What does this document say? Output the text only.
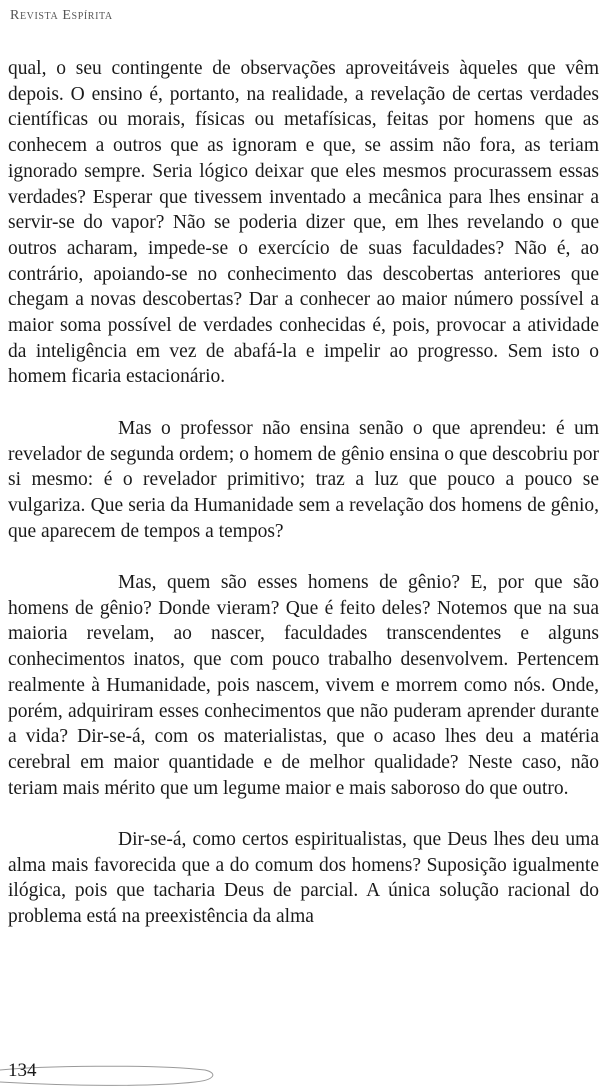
Revista Espírita

qual, o seu contingente de observações aproveitáveis àqueles que vêm depois. O ensino é, portanto, na realidade, a revelação de certas verdades científicas ou morais, físicas ou metafísicas, feitas por homens que as conhecem a outros que as ignoram e que, se assim não fora, as teriam ignorado sempre. Seria lógico deixar que eles mesmos procurassem essas verdades? Esperar que tivessem inventado a mecânica para lhes ensinar a servir-se do vapor? Não se poderia dizer que, em lhes revelando o que outros acharam, impede-se o exercício de suas faculdades? Não é, ao contrário, apoiando-se no conhecimento das descobertas anteriores que chegam a novas descobertas? Dar a conhecer ao maior número possível a maior soma possível de verdades conhecidas é, pois, provocar a atividade da inteligência em vez de abafá-la e impelir ao progresso. Sem isto o homem ficaria estacionário.

Mas o professor não ensina senão o que aprendeu: é um revelador de segunda ordem; o homem de gênio ensina o que descobriu por si mesmo: é o revelador primitivo; traz a luz que pouco a pouco se vulgariza. Que seria da Humanidade sem a revelação dos homens de gênio, que aparecem de tempos a tempos?

Mas, quem são esses homens de gênio? E, por que são homens de gênio? Donde vieram? Que é feito deles? Notemos que na sua maioria revelam, ao nascer, faculdades transcendentes e alguns conhecimentos inatos, que com pouco trabalho desenvolvem. Pertencem realmente à Humanidade, pois nascem, vivem e morrem como nós. Onde, porém, adquiriram esses conhecimentos que não puderam aprender durante a vida? Dir-se-á, com os materialistas, que o acaso lhes deu a matéria cerebral em maior quantidade e de melhor qualidade? Neste caso, não teriam mais mérito que um legume maior e mais saboroso do que outro.

Dir-se-á, como certos espiritualistas, que Deus lhes deu uma alma mais favorecida que a do comum dos homens? Suposição igualmente ilógica, pois que tacharia Deus de parcial. A única solução racional do problema está na preexistência da alma

134
